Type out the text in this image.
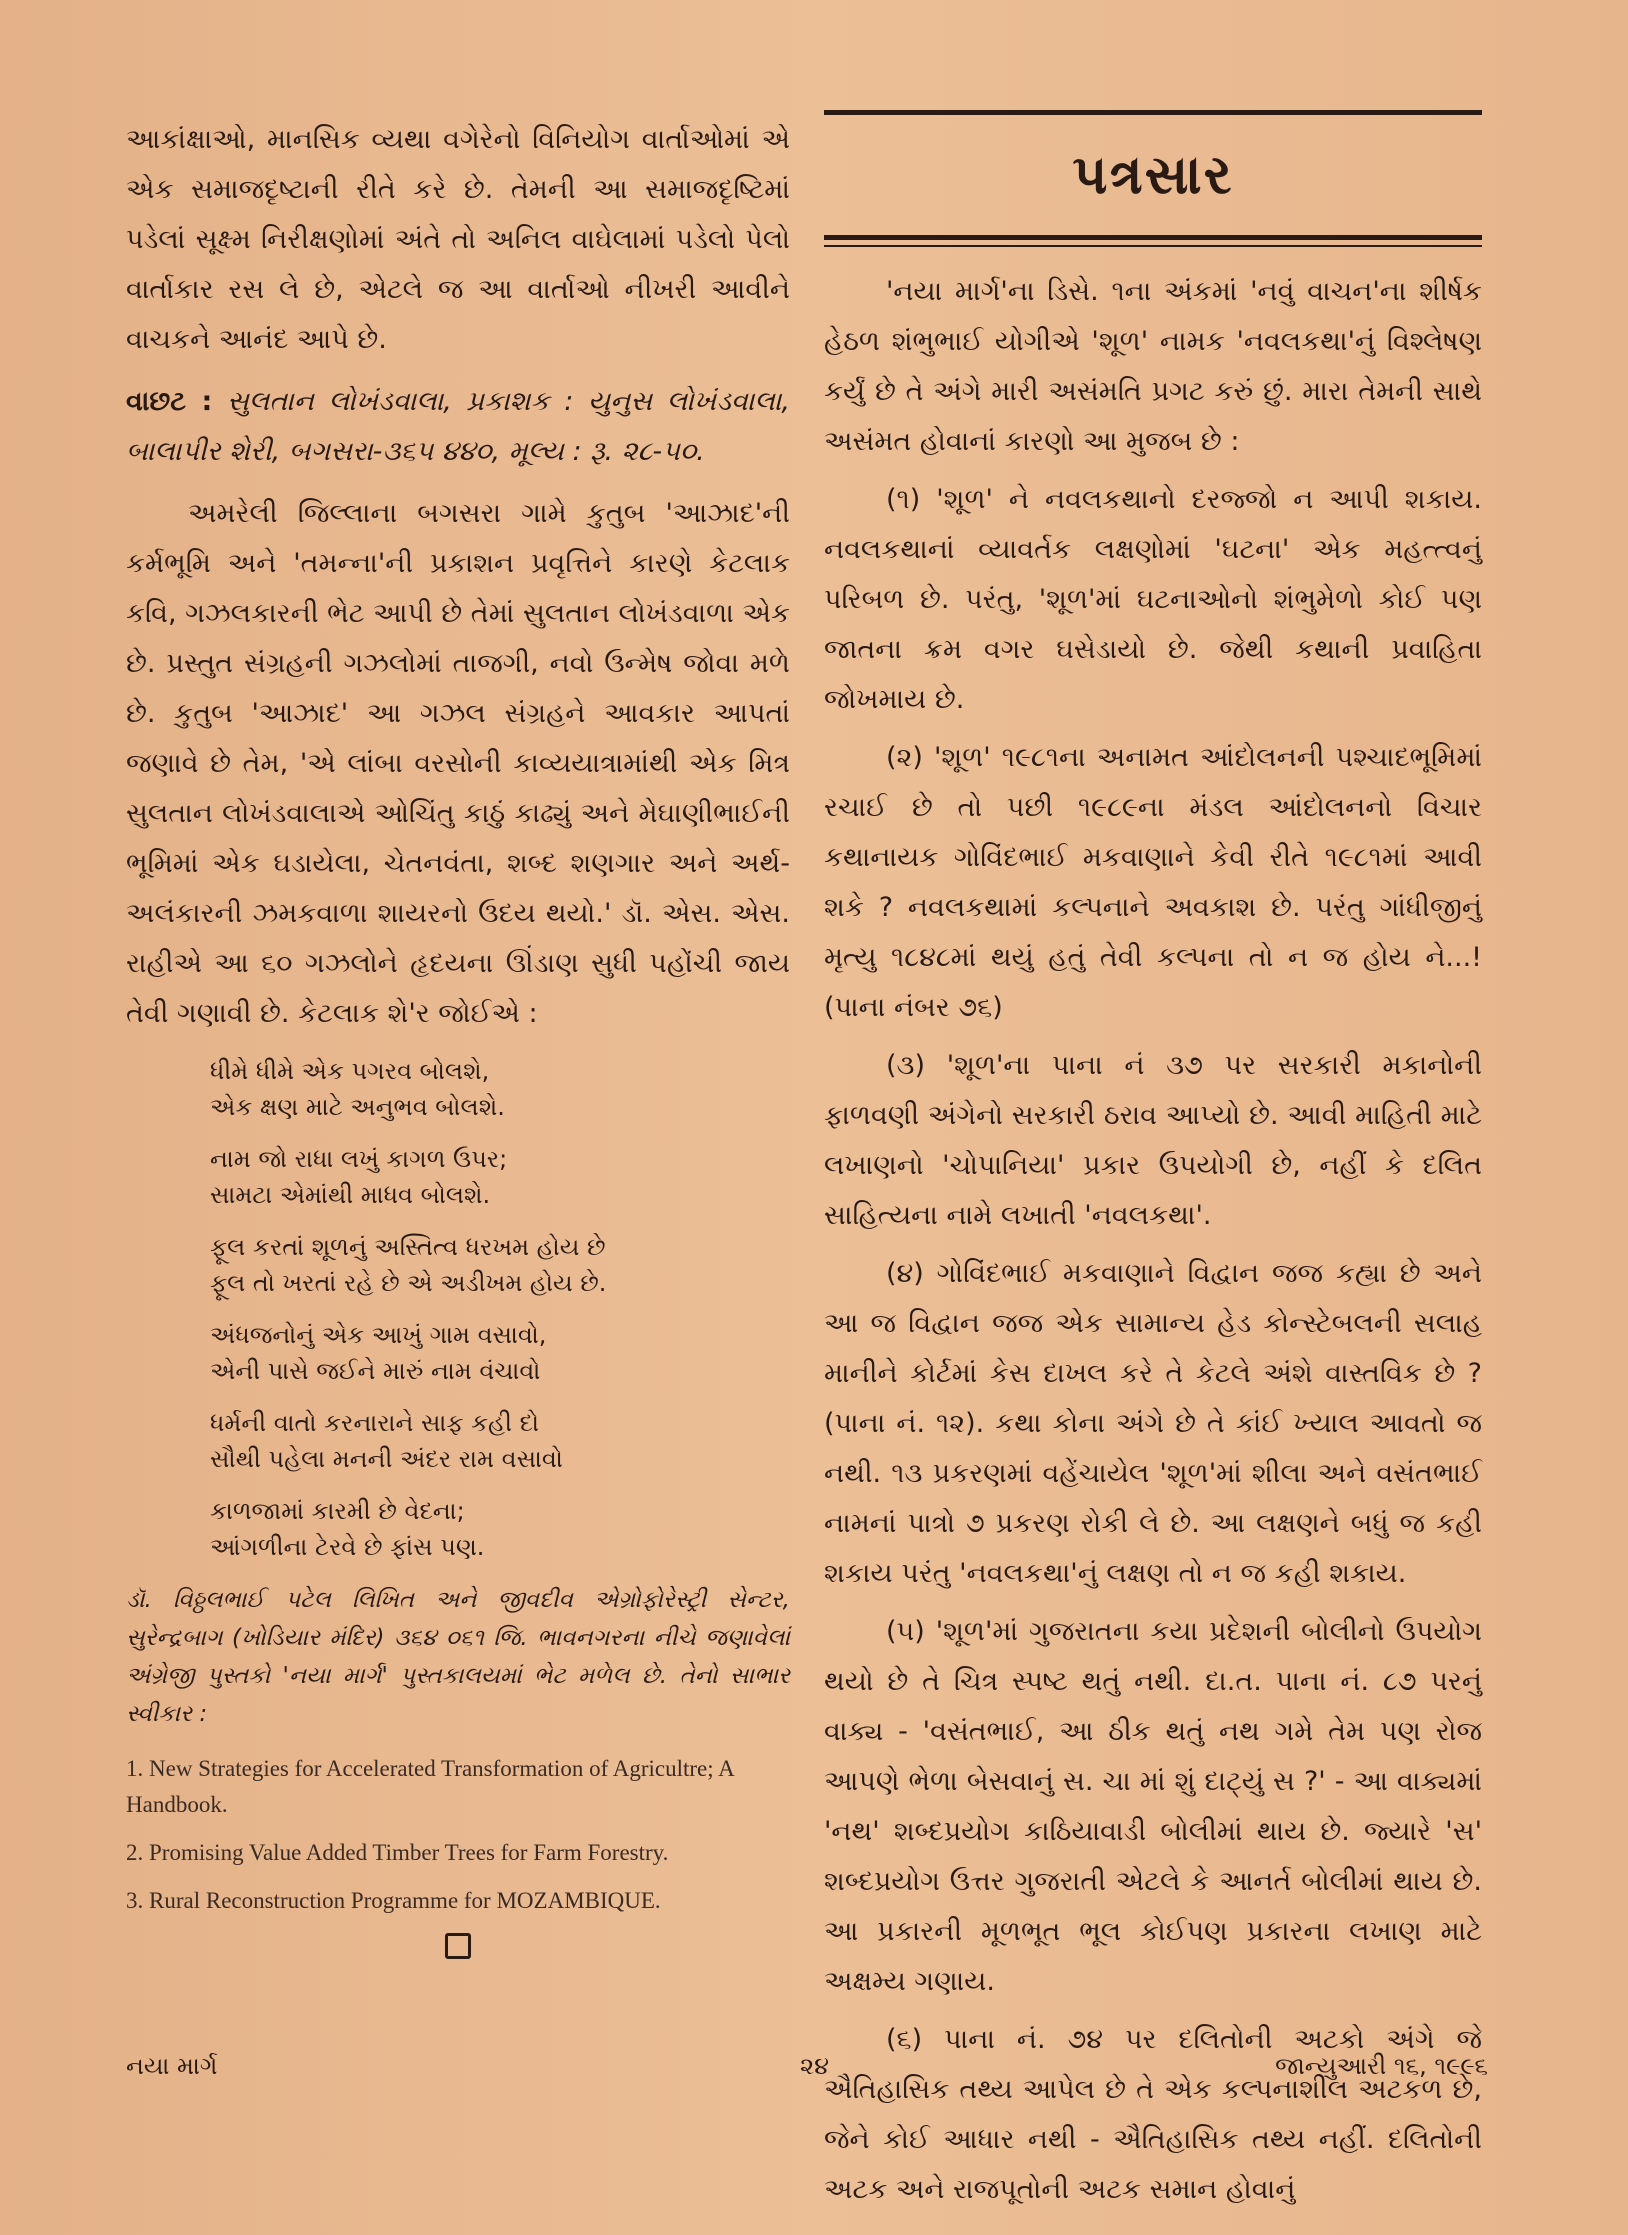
આકાંક્ષાઓ, માનસિક વ્યથા વગેરેનો વિનિયોગ વાર્તાઓમાં એ એક સમાજદૃષ્ટાની રીતે કરે છે. તેમની આ સમાજદૃષ્ટિમાં પડેલાં સૂક્ષ્મ નિરીક્ષણોમાં અંતે તો અનિલ વાઘેલામાં પડેલો પેલો વાર્તાકાર રસ લે છે, એટલે જ આ વાર્તાઓ નીખરી આવીને વાચકને આનંદ આપે છે.

વાછટ : સુલતાન લોખંડવાલા, પ્રકાશક : યુનુસ લોખંડવાલા, બાલાપીર શેરી, બગસરા-૩૬૫ ૪૪૦, મૂલ્ય : રૂ. ૨૮-૫૦.

અમરેલી જિલ્લાના બગસરા ગામે કુતુબ 'આઝાદ'ની કર્મભૂમિ અને 'તમન્ના'ની પ્રકાશન પ્રવૃત્તિને કારણે કેટલાક કવિ, ગઝલકારની ભેટ આપી છે તેમાં સુલતાન લોખંડવાળા એક છે. પ્રસ્તુત સંગ્રહની ગઝલોમાં તાજગી, નવો ઉન્મેષ જોવા મળે છે. કુતુબ 'આઝાદ' આ ગઝલ સંગ્રહને આવકાર આપતાં જણાવે છે તેમ, 'એ લાંબા વરસોની કાવ્યયાત્રામાંથી એક મિત્ર સુલતાન લોખંડવાલાએ ઓચિંતુ કાઠું કાઢ્યું અને મેઘાણીભાઈની ભૂમિમાં એક ઘડાયેલા, ચેતનવંતા, શબ્દ શણગાર અને અર્થ-અલંકારની ઝમકવાળા શાયરનો ઉદય થયો.' ડૉ. એસ. એસ. રાહીએ આ ૬૦ ગઝલોને હૃદયના ઊંડાણ સુધી પહોંચી જાય તેવી ગણાવી છે. કેટલાક શે'ર જોઈએ :

ધીમે ધીમે એક પગરવ બોલશે,
એક ક્ષણ માટે અનુભવ બોલશે.
નામ જો રાધા લખું કાગળ ઉપર;
સામટા એમાંથી માધવ બોલશે.
ફૂલ કરતાં શૂળનું અસ્તિત્વ ધરખમ હોય છે
ફૂલ તો ખરતાં રહે છે એ અડીખમ હોય છે.
અંધજનોનું એક આખું ગામ વસાવો,
એની પાસે જઈને મારું નામ વંચાવો
ધર્મની વાતો કરનારાને સાફ કહી દો
સૌથી પહેલા મનની અંદર રામ વસાવો
કાળજામાં કારમી છે વેદના;
આંગળીના ટેરવે છે ફાંસ પણ.

ડૉ. વિઠ્ઠલભાઈ પટેલ લિખિત અને જીવદીવ એગ્રોફોરેસ્ટ્રી સેન્ટર, સુરેન્દ્રબાગ (ખોડિયાર મંદિર) ૩૬૪ ૦૬૧ જિ. ભાવનગરના નીચે જણાવેલાં અંગ્રેજી પુસ્તકો 'નયા માર્ગ' પુસ્તકાલયમાં ભેટ મળેલ છે. તેનો સાભાર સ્વીકાર :

1. New Strategies for Accelerated Transformation of Agricultre; A Handbook.
2. Promising Value Added Timber Trees for Farm Forestry.
3. Rural Reconstruction Programme for MOZAMBIQUE.
પત્રસાર

'નયા માર્ગ'ના ડિસે. ૧ના અંકમાં 'નવું વાચન'ના શીર્ષક હેઠળ શંભુભાઈ યોગીએ 'શૂળ' નામક 'નવલકથા'નું વિશ્લેષણ કર્યું છે તે અંગે મારી અસંમતિ પ્રગટ કરું છું. મારા તેમની સાથે અસંમત હોવાનાં કારણો આ મુજબ છે :

(૧) 'શૂળ' ને નવલકથાનો દરજ્જો ન આપી શકાય. નવલકથાનાં વ્યાવર્તક લક્ષણોમાં 'ઘટના' એક મહત્ત્વનું પરિબળ છે. પરંતુ, 'શૂળ'માં ઘટનાઓનો શંભુમેળો કોઈ પણ જાતના ક્રમ વગર ઘસેડાયો છે. જેથી કથાની પ્રવાહિતા જોખમાય છે.

(૨) 'શૂળ' ૧૯૮૧ના અનામત આંદોલનની પશ્ચાદભૂમિમાં રચાઈ છે તો પછી ૧૯૮૯ના મંડલ આંદોલનનો વિચાર કથાનાયક ગોવિંદભાઈ મકવાણાને કેવી રીતે ૧૯૮૧માં આવી શકે ? નવલકથામાં કલ્પનાને અવકાશ છે. પરંતુ ગાંધીજીનું મૃત્યુ ૧૮૪૮માં થયું હતું તેવી કલ્પના તો ન જ હોય ને...! (પાના નંબર ૭૬)

(૩) 'શૂળ'ના પાના નં ૩૭ પર સરકારી મકાનોની ફાળવણી અંગેનો સરકારી ઠરાવ આપ્યો છે. આવી માહિતી માટે લખાણનો 'ચોપાનિયા' પ્રકાર ઉપયોગી છે, નહીં કે દલિત સાહિત્યના નામે લખાતી 'નવલકથા'.

(૪) ગોવિંદભાઈ મકવાણાને વિદ્વાન જજ કહ્યા છે અને આ જ વિદ્વાન જજ એક સામાન્ય હેડ કોન્સ્ટેબલની સલાહ માનીને કોર્ટમાં કેસ દાખલ કરે તે કેટલે અંશે વાસ્તવિક છે ? (પાના નં. ૧૨). કથા કોના અંગે છે તે કાંઈ ખ્યાલ આવતો જ નથી. ૧૩ પ્રકરણમાં વહેંચાયેલ 'શૂળ'માં શીલા અને વસંતભાઈ નામનાં પાત્રો ૭ પ્રકરણ રોકી લે છે. આ લક્ષણને બધું જ કહી શકાય પરંતુ 'નવલકથા'નું લક્ષણ તો ન જ કહી શકાય.

(૫) 'શૂળ'માં ગુજરાતના કયા પ્રદેશની બોલીનો ઉપયોગ થયો છે તે ચિત્ર સ્પષ્ટ થતું નથી. દા.ત. પાના નં. ૮૭ પરનું વાક્ય - 'વસંતભાઈ, આ ઠીક થતું નથ ગમે તેમ પણ રોજ આપણે ભેળા બેસવાનું સ. ચા માં શું દાટ્યું સ ?' - આ વાક્યમાં 'નથ' શબ્દપ્રયોગ કાઠિયાવાડી બોલીમાં થાય છે. જ્યારે 'સ' શબ્દપ્રયોગ ઉત્તર ગુજરાતી એટલે કે આનર્ત બોલીમાં થાય છે. આ પ્રકારની મૂળભૂત ભૂલ કોઈપણ પ્રકારના લખાણ માટે અક્ષમ્ય ગણાય.

(૬) પાના નં. ૭૪ પર દલિતોની અટકો અંગે જે ઐતિહાસિક તથ્ય આપેલ છે તે એક કલ્પનાશીલ અટકળ છે, જેને કોઈ આધાર નથી - ઐતિહાસિક તથ્ય નહીં. દલિતોની અટક અને રાજપૂતોની અટક સમાન હોવાનું

નયા માર્ગ	૨૪	જાન્યુઆરી ૧૬, ૧૯૯૬
